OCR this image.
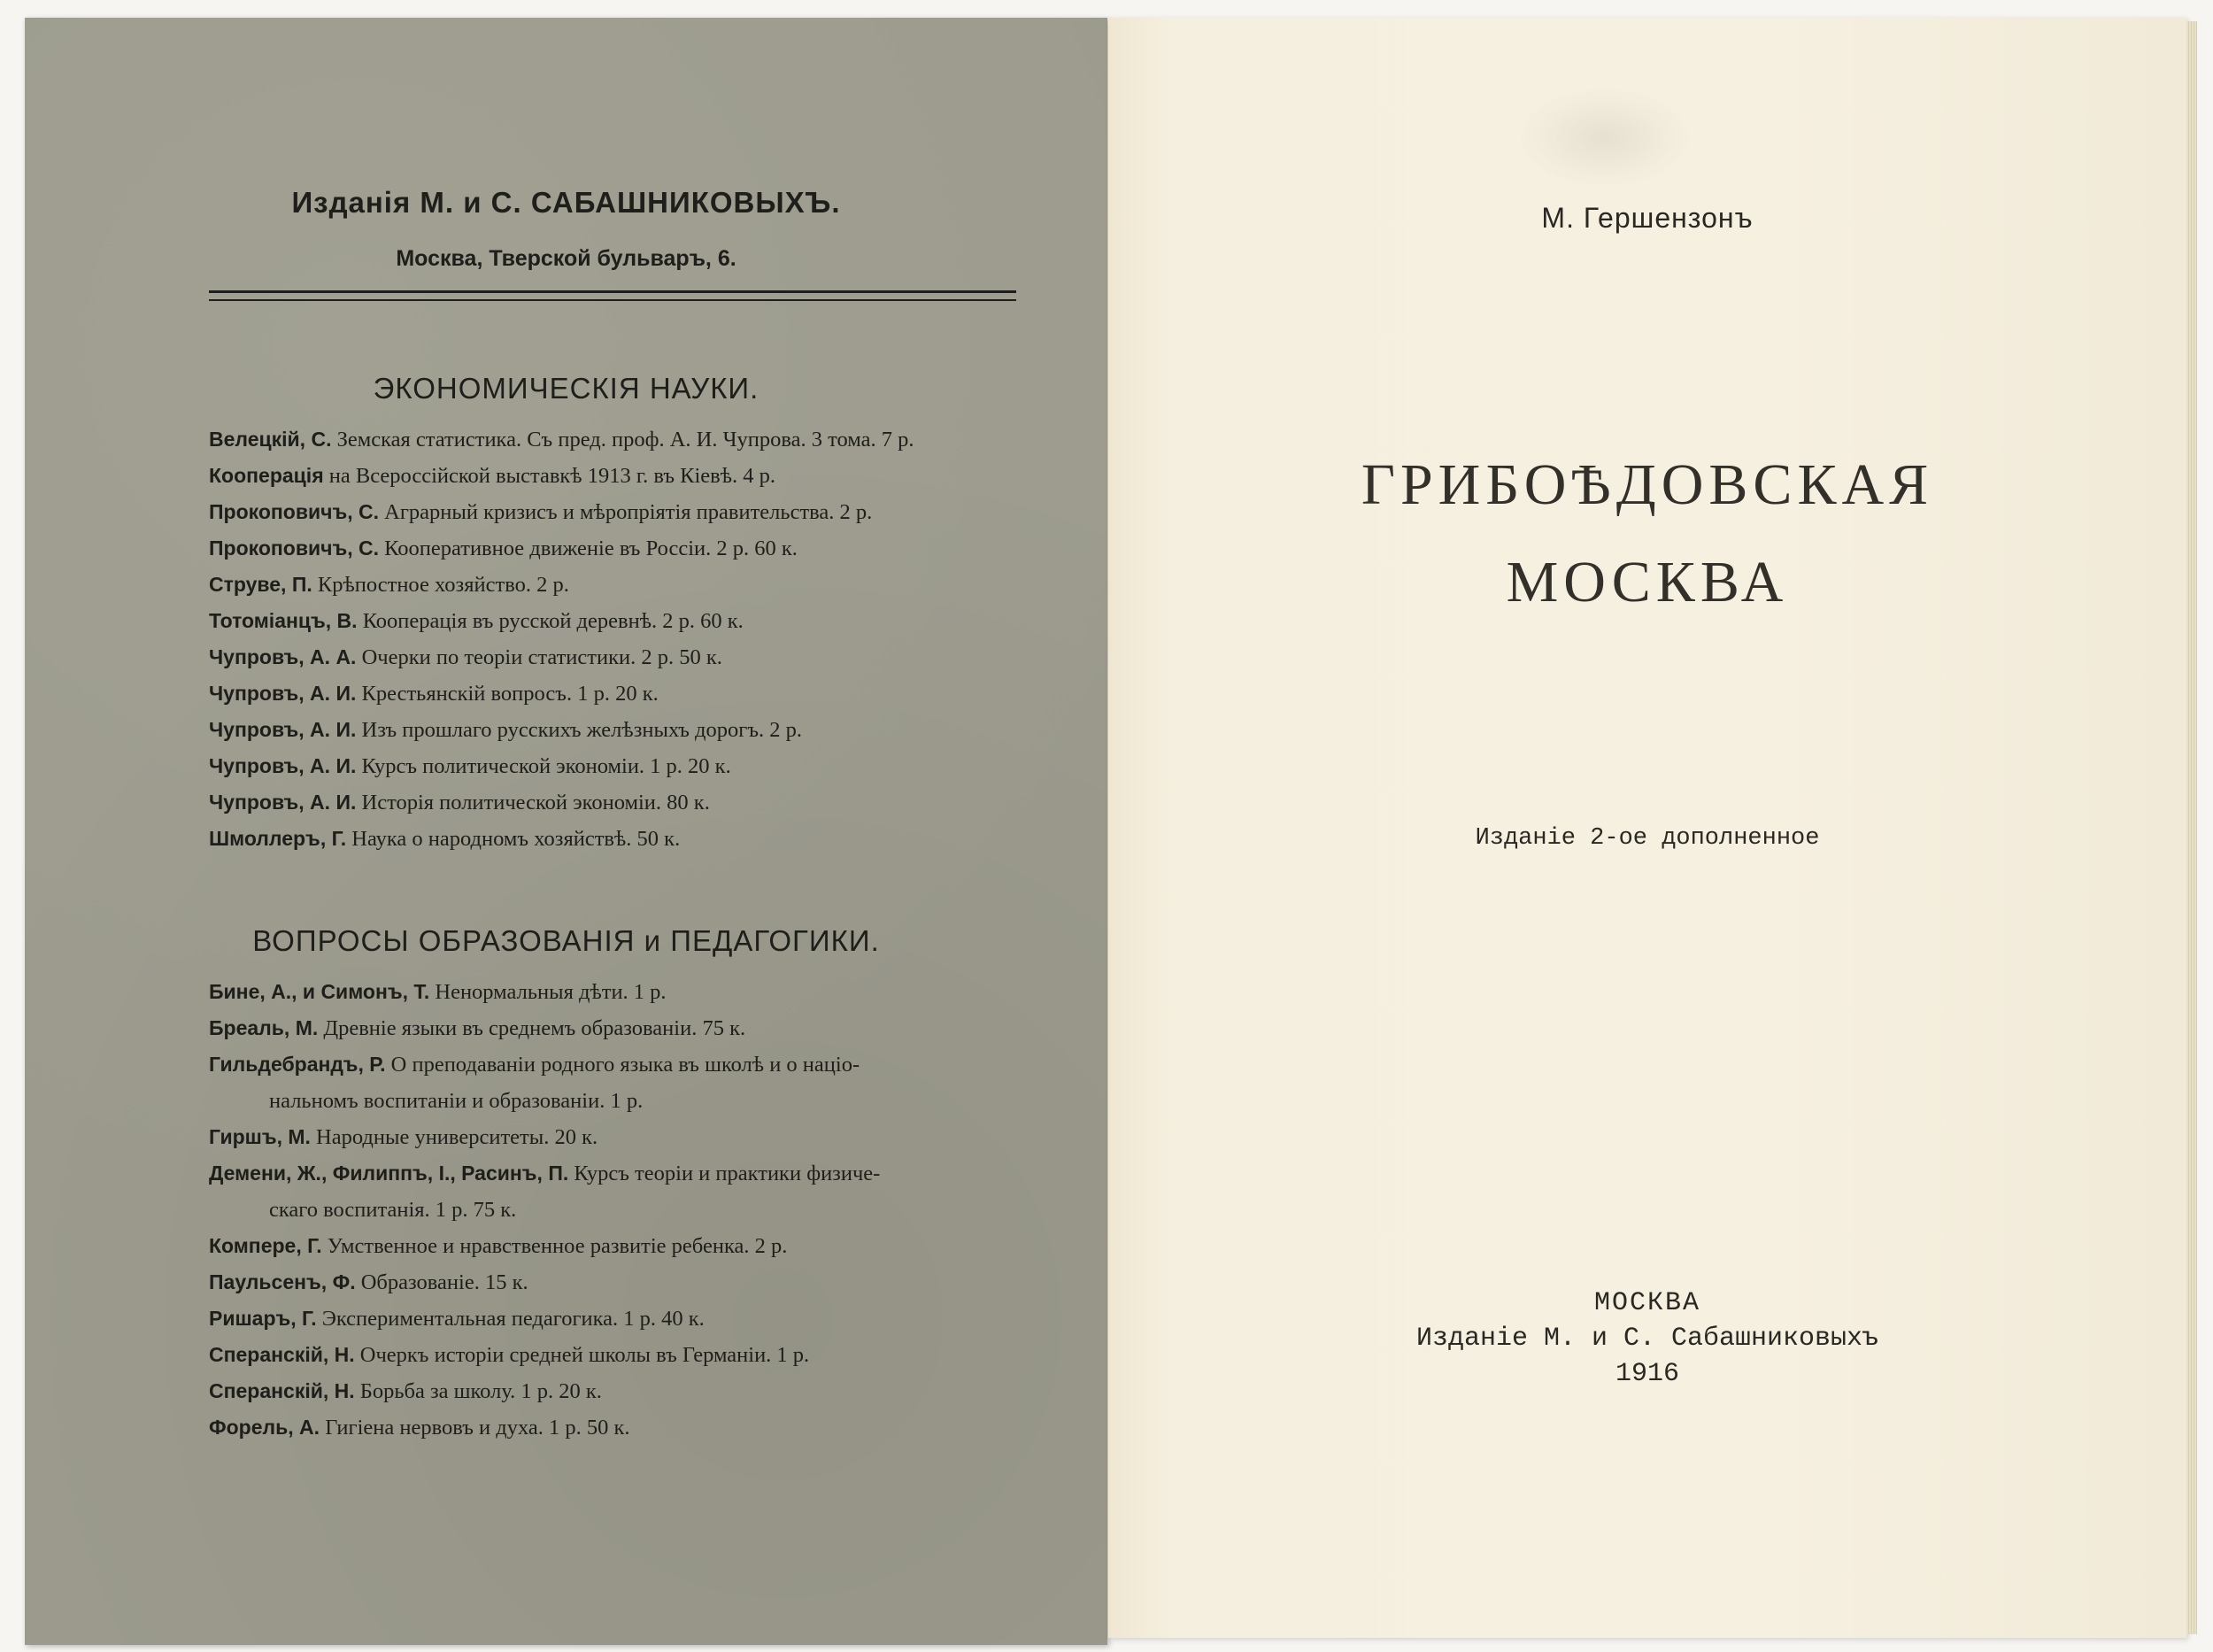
Изданія М. и С. САБАШНИКОВЫХЪ.
Москва, Тверской бульваръ, 6.
ЭКОНОМИЧЕСКІЯ НАУКИ.
Велецкій, С. Земская статистика. Съ пред. проф. А. И. Чупрова. 3 тома. 7 р.
Кооперація на Всероссійской выставкѣ 1913 г. въ Кіевѣ. 4 р.
Прокоповичъ, С. Аграрный кризисъ и мѣропріятія правительства. 2 р.
Прокоповичъ, С. Кооперативное движеніе въ Россіи. 2 р. 60 к.
Струве, П. Крѣпостное хозяйство. 2 р.
Тотоміанцъ, В. Кооперація въ русской деревнѣ. 2 р. 60 к.
Чупровъ, А. А. Очерки по теоріи статистики. 2 р. 50 к.
Чупровъ, А. И. Крестьянскій вопросъ. 1 р. 20 к.
Чупровъ, А. И. Изъ прошлаго русскихъ желѣзныхъ дорогъ. 2 р.
Чупровъ, А. И. Курсъ политической экономіи. 1 р. 20 к.
Чупровъ, А. И. Исторія политической экономіи. 80 к.
Шмоллеръ, Г. Наука о народномъ хозяйствѣ. 50 к.
ВОПРОСЫ ОБРАЗОВАНІЯ и ПЕДАГОГИКИ.
Бине, А., и Симонъ, Т. Ненормальныя дѣти. 1 р.
Бреаль, М. Древніе языки въ среднемъ образованіи. 75 к.
Гильдебрандъ, Р. О преподаваніи родного языка въ школѣ и о націо-
нальномъ воспитаніи и образованіи. 1 р.
Гиршъ, М. Народные университеты. 20 к.
Демени, Ж., Филиппъ, І., Расинъ, П. Курсъ теоріи и практики физиче-
скаго воспитанія. 1 р. 75 к.
Компере, Г. Умственное и нравственное развитіе ребенка. 2 р.
Паульсенъ, Ф. Образованіе. 15 к.
Ришаръ, Г. Экспериментальная педагогика. 1 р. 40 к.
Сперанскій, Н. Очеркъ исторіи средней школы въ Германіи. 1 р.
Сперанскій, Н. Борьба за школу. 1 р. 20 к.
Форель, А. Гигіена нервовъ и духа. 1 р. 50 к.
М. Гершензонъ
ГРИБОѢДОВСКАЯ
МОСКВА
Изданіе 2-ое дополненное
МОСКВА
Изданіе М. и С. Сабашниковыхъ
1916
